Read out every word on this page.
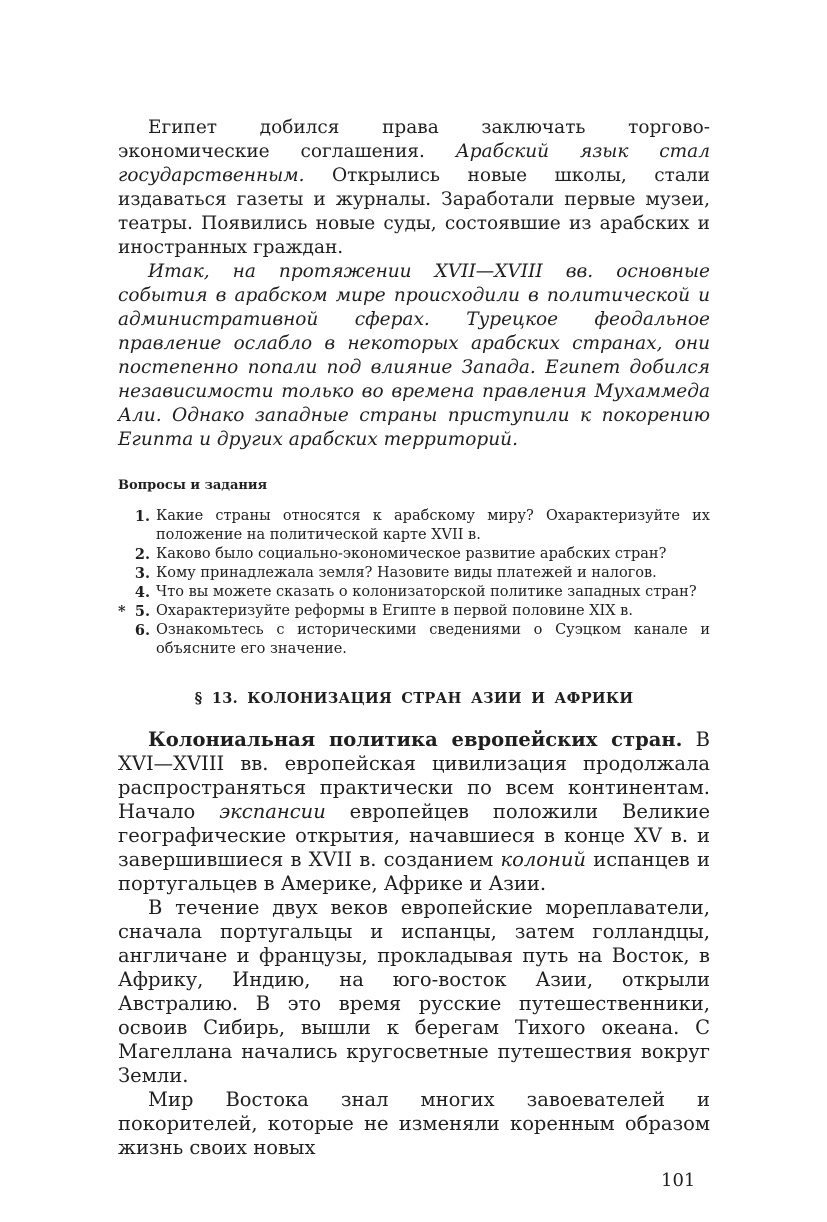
Египет добился права заключать торгово-экономические соглашения. Арабский язык стал государственным. Открылись новые школы, стали издаваться газеты и журналы. Заработали первые музеи, театры. Появились новые суды, состоявшие из арабских и иностранных граждан.

Итак, на протяжении XVII—XVIII вв. основные события в арабском мире происходили в политической и административной сферах. Турецкое феодальное правление ослабло в некоторых арабских странах, они постепенно попали под влияние Запада. Египет добился независимости только во времена правления Мухаммеда Али. Однако западные страны приступили к покорению Египта и других арабских территорий.

Вопросы и задания
1. Какие страны относятся к арабскому миру? Охарактеризуйте их положение на политической карте XVII в.
2. Каково было социально-экономическое развитие арабских стран?
3. Кому принадлежала земля? Назовите виды платежей и налогов.
4. Что вы можете сказать о колонизаторской политике западных стран?
* 5. Охарактеризуйте реформы в Египте в первой половине XIX в.
6. Ознакомьтесь с историческими сведениями о Суэцком канале и объясните его значение.
§ 13. КОЛОНИЗАЦИЯ СТРАН АЗИИ И АФРИКИ

Колониальная политика европейских стран. В XVI—XVIII вв. европейская цивилизация продолжала распространяться практически по всем континентам. Начало экспансии европейцев положили Великие географические открытия, начавшиеся в конце XV в. и завершившиеся в XVII в. созданием колоний испанцев и португальцев в Америке, Африке и Азии.

В течение двух веков европейские мореплаватели, сначала португальцы и испанцы, затем голландцы, англичане и французы, прокладывая путь на Восток, в Африку, Индию, на юго-восток Азии, открыли Австралию. В это время русские путешественники, освоив Сибирь, вышли к берегам Тихого океана. С Магеллана начались кругосветные путешествия вокруг Земли.

Мир Востока знал многих завоевателей и покорителей, которые не изменяли коренным образом жизнь своих новых

101
